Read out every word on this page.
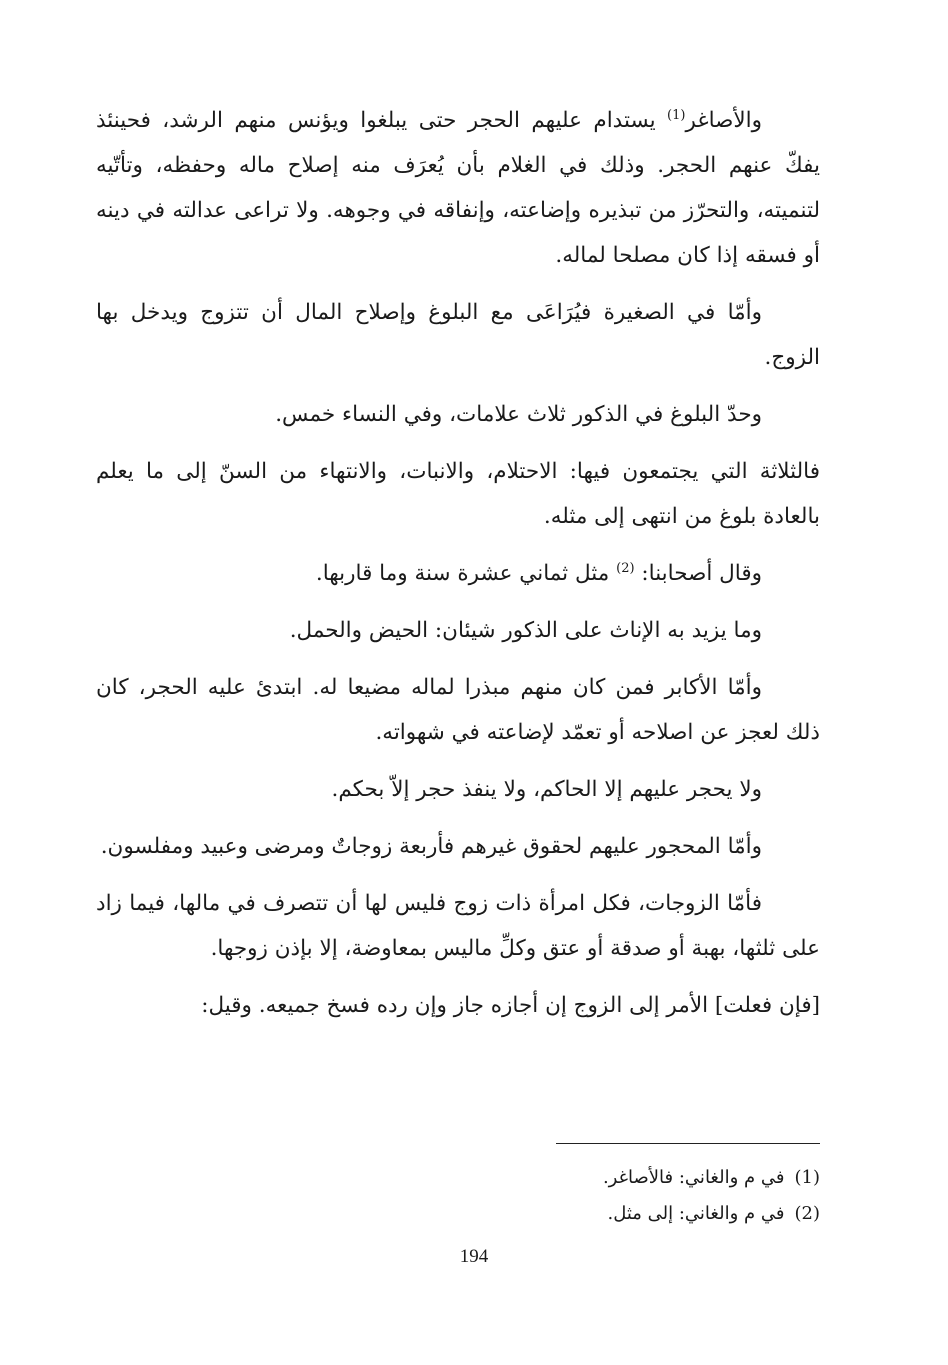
والأصاغر$^{(1)}$ يستدام عليهم الحجر حتى يبلغوا ويؤنس منهم الرشد، فحينئذ يفكّ عنهم الحجر. وذلك في الغلام بأن يُعرَف منه إصلاح ماله وحفظه، وتأتّيه لتنميته، والتحرّز من تبذيره وإضاعته، وإنفاقه في وجوهه. ولا تراعى عدالته في دينه أو فسقه إذا كان مصلحا لماله.

وأمّا في الصغيرة فيُرَاعَى مع البلوغ وإصلاح المال أن تتزوج ويدخل بها الزوج.

وحدّ البلوغ في الذكور ثلاث علامات، وفي النساء خمس.

فالثلاثة التي يجتمعون فيها: الاحتلام، والانبات، والانتهاء من السنّ إلى ما يعلم بالعادة بلوغ من انتهى إلى مثله.

وقال أصحابنا: $^{(2)}$ مثل ثماني عشرة سنة وما قاربها.

وما يزيد به الإناث على الذكور شيئان: الحيض والحمل.

وأمّا الأكابر فمن كان منهم مبذرا لماله مضيعا له. ابتدئ عليه الحجر، كان ذلك لعجز عن اصلاحه أو تعمّد لإضاعته في شهواته.

ولا يحجر عليهم إلا الحاكم، ولا ينفذ حجر إلاّ بحكم.

وأمّا المحجور عليهم لحقوق غيرهم فأربعة زوجاتٌ ومرضى وعبيد ومفلسون.

فأمّا الزوجات، فكل امرأة ذات زوج فليس لها أن تتصرف في مالها، فيما زاد على ثلثها، بهبة أو صدقة أو عتق وكلِّ ماليس بمعاوضة، إلا بإذن زوجها.

[فإن فعلت] الأمر إلى الزوج إن أجازه جاز وإن رده فسخ جميعه. وقيل:

(1)في م والغاني: فالأصاغر.

(2)في م والغاني: إلى مثل.

194
